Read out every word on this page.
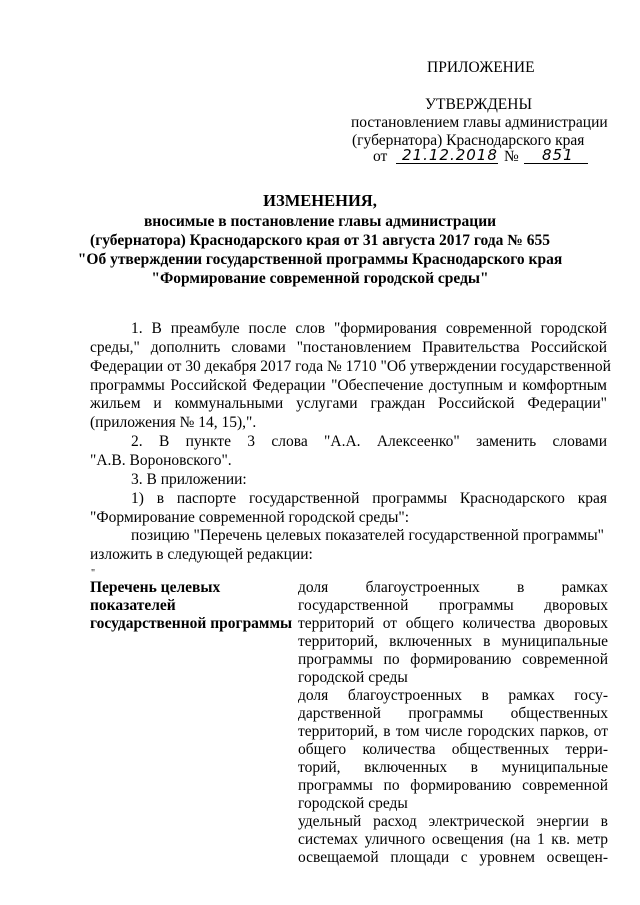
ПРИЛОЖЕНИЕ
УТВЕРЖДЕНЫ
постановлением главы администрации
(губернатора) Краснодарского края
от 21.12.2018 № 851
ИЗМЕНЕНИЯ,
вносимые в постановление главы администрации
(губернатора) Краснодарского края от 31 августа 2017 года № 655
"Об утверждении государственной программы Краснодарского края
"Формирование современной городской среды"
1. В преамбуле после слов "формирования современной городской
среды," дополнить словами "постановлением Правительства Российской
Федерации от 30 декабря 2017 года № 1710 "Об утверждении государственной
программы Российской Федерации "Обеспечение доступным и комфортным
жильем и коммунальными услугами граждан Российской Федерации"
(приложения № 14, 15),".
2. В пункте 3 слова "А.А. Алексеенко" заменить словами
"А.В. Вороновского".
3. В приложении:
1) в паспорте государственной программы Краснодарского края
"Формирование современной городской среды":
позицию "Перечень целевых показателей государственной программы"
изложить в следующей редакции:
"
Перечень целевых
показателей
государственной программы
доля благоустроенных в рамках
государственной программы дворовых
территорий от общего количества дворовых
территорий, включенных в муниципальные
программы по формированию современной
городской среды
доля благоустроенных в рамках госу-
дарственной программы общественных
территорий, в том числе городских парков, от
общего количества общественных терри-
торий, включенных в муниципальные
программы по формированию современной
городской среды
удельный расход электрической энергии в
системах уличного освещения (на 1 кв. метр
освещаемой площади с уровнем освещен-
